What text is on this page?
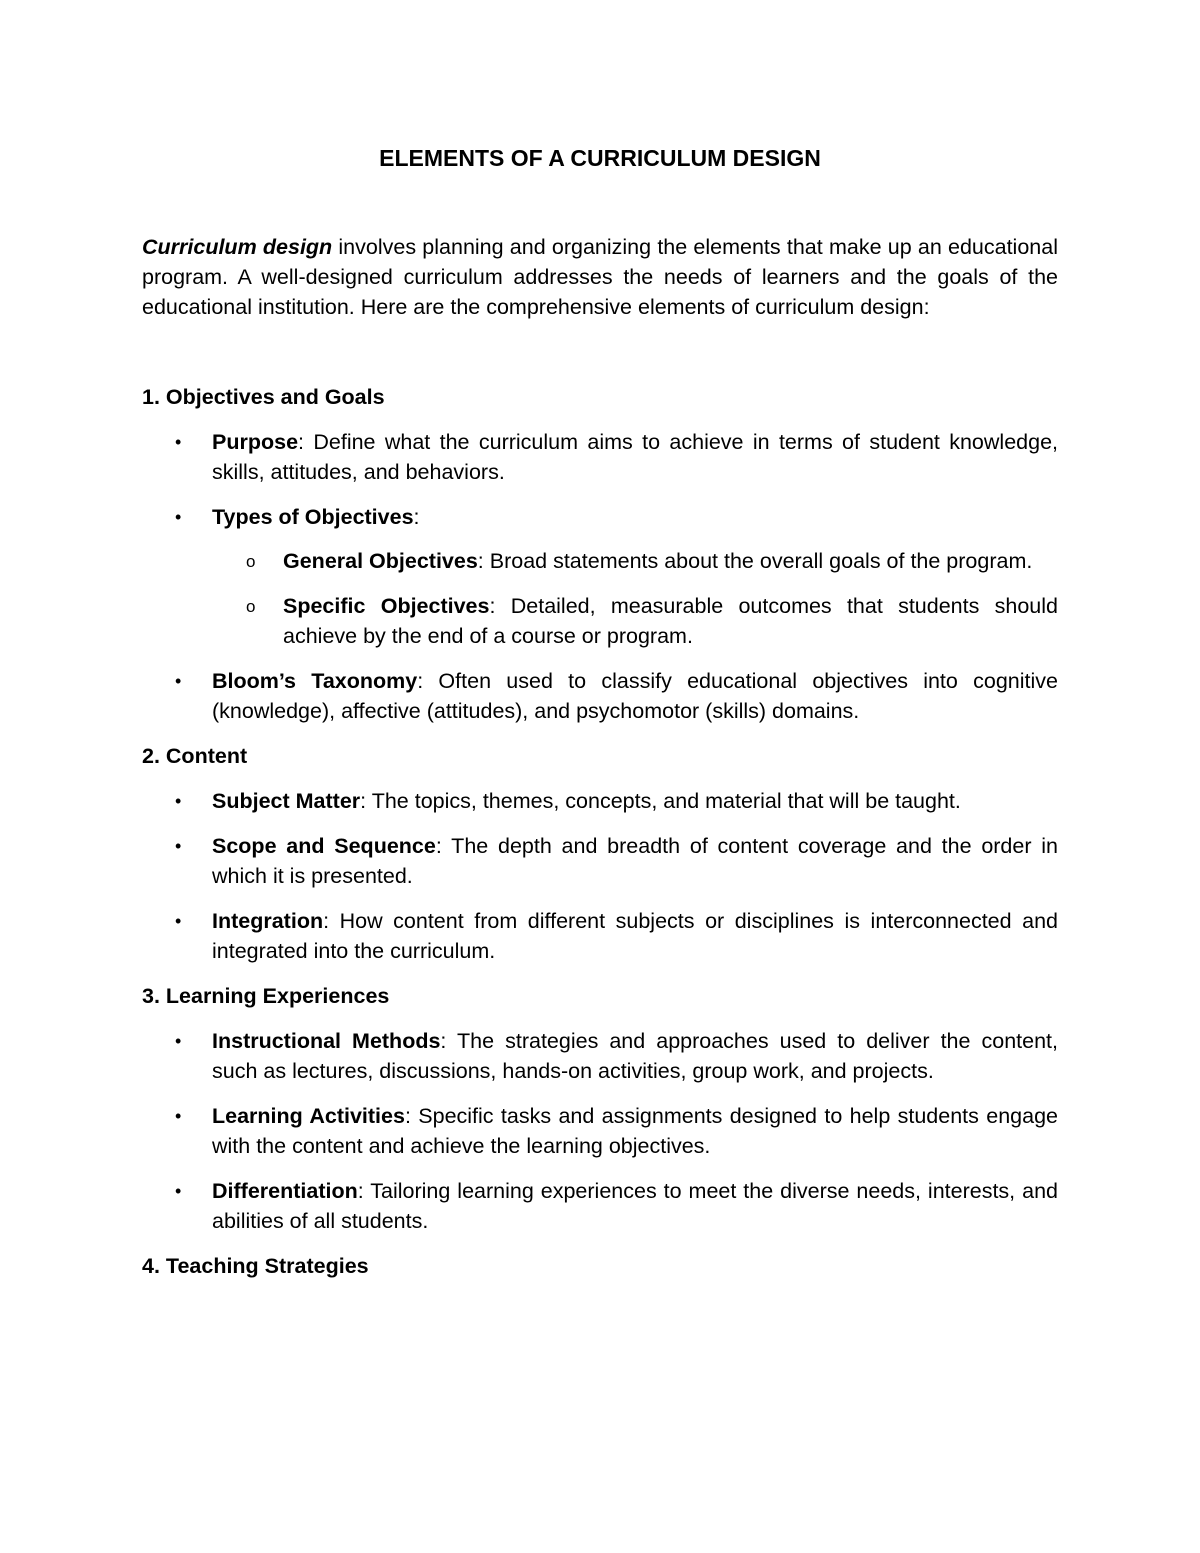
ELEMENTS OF A CURRICULUM DESIGN

Curriculum design involves planning and organizing the elements that make up an educational program. A well-designed curriculum addresses the needs of learners and the goals of the educational institution. Here are the comprehensive elements of curriculum design:

1. Objectives and Goals
• Purpose: Define what the curriculum aims to achieve in terms of student knowledge, skills, attitudes, and behaviors.
• Types of Objectives:
o General Objectives: Broad statements about the overall goals of the program.
o Specific Objectives: Detailed, measurable outcomes that students should achieve by the end of a course or program.
• Bloom’s Taxonomy: Often used to classify educational objectives into cognitive (knowledge), affective (attitudes), and psychomotor (skills) domains.
2. Content
• Subject Matter: The topics, themes, concepts, and material that will be taught.
• Scope and Sequence: The depth and breadth of content coverage and the order in which it is presented.
• Integration: How content from different subjects or disciplines is interconnected and integrated into the curriculum.
3. Learning Experiences
• Instructional Methods: The strategies and approaches used to deliver the content, such as lectures, discussions, hands-on activities, group work, and projects.
• Learning Activities: Specific tasks and assignments designed to help students engage with the content and achieve the learning objectives.
• Differentiation: Tailoring learning experiences to meet the diverse needs, interests, and abilities of all students.
4. Teaching Strategies
